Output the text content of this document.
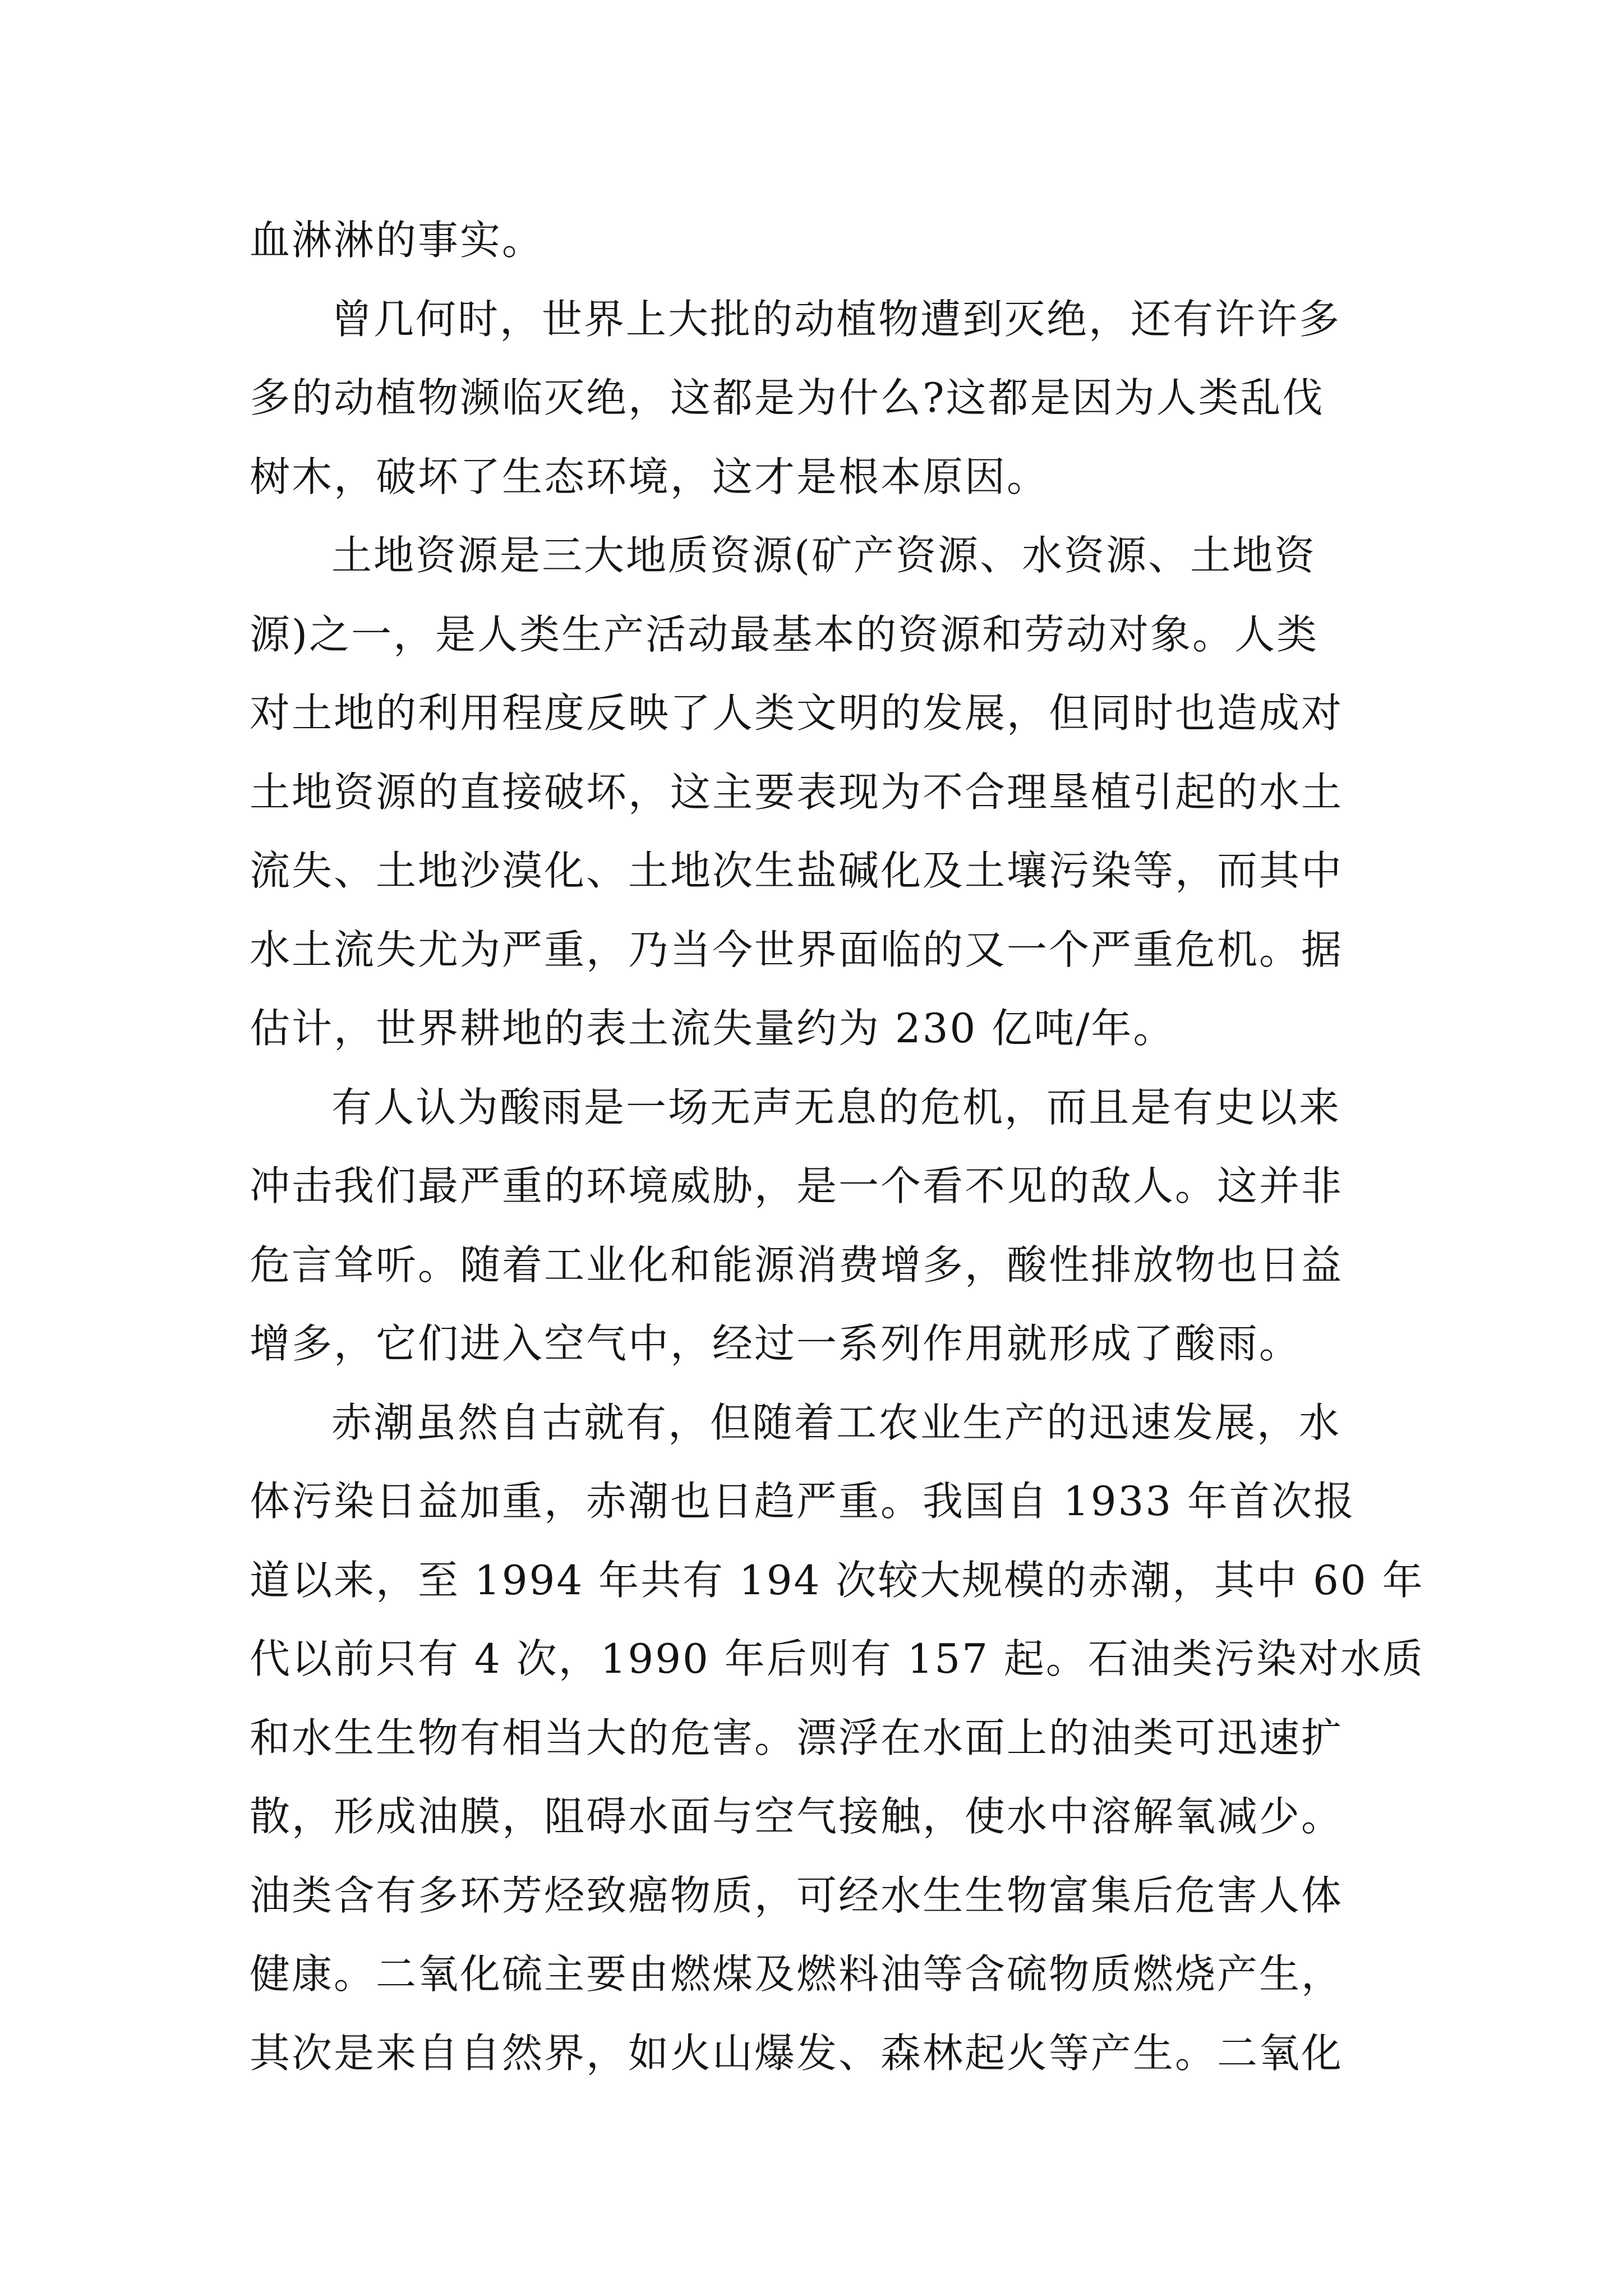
血淋淋的事实。
曾几何时，世界上大批的动植物遭到灭绝，还有许许多
多的动植物濒临灭绝，这都是为什么?这都是因为人类乱伐
树木，破坏了生态环境，这才是根本原因。
土地资源是三大地质资源(矿产资源、水资源、土地资
源)之一，是人类生产活动最基本的资源和劳动对象。人类
对土地的利用程度反映了人类文明的发展，但同时也造成对
土地资源的直接破坏，这主要表现为不合理垦植引起的水土
流失、土地沙漠化、土地次生盐碱化及土壤污染等，而其中
水土流失尤为严重，乃当今世界面临的又一个严重危机。据
估计，世界耕地的表土流失量约为 230 亿吨/年。
有人认为酸雨是一场无声无息的危机，而且是有史以来
冲击我们最严重的环境威胁，是一个看不见的敌人。这并非
危言耸听。随着工业化和能源消费增多，酸性排放物也日益
增多，它们进入空气中，经过一系列作用就形成了酸雨。
赤潮虽然自古就有，但随着工农业生产的迅速发展，水
体污染日益加重，赤潮也日趋严重。我国自 1933 年首次报
道以来，至 1994 年共有 194 次较大规模的赤潮，其中 60 年
代以前只有 4 次，1990 年后则有 157 起。石油类污染对水质
和水生生物有相当大的危害。漂浮在水面上的油类可迅速扩
散，形成油膜，阻碍水面与空气接触，使水中溶解氧减少。
油类含有多环芳烃致癌物质，可经水生生物富集后危害人体
健康。二氧化硫主要由燃煤及燃料油等含硫物质燃烧产生，
其次是来自自然界，如火山爆发、森林起火等产生。二氧化
